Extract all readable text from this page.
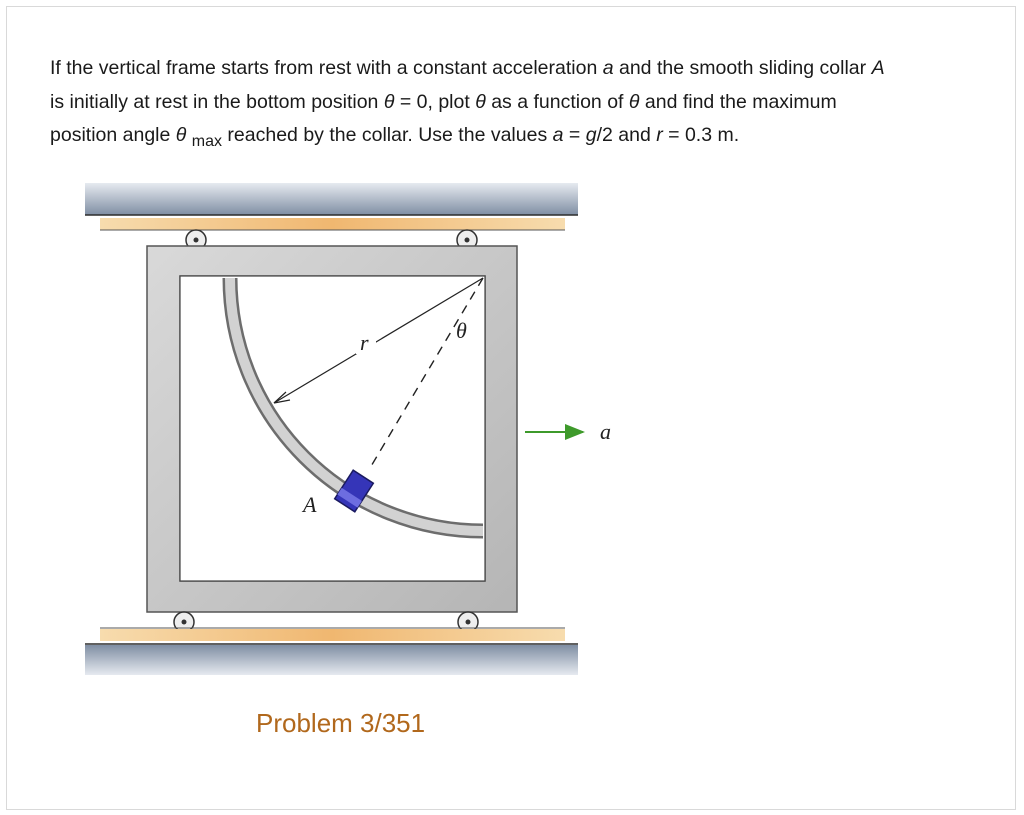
If the vertical frame starts from rest with a constant acceleration a and the smooth sliding collar A

is initially at rest in the bottom position θ = 0, plot θ as a function of θ and find the maximum

position angle θ $_{max}$ reached by the collar. Use the values a = g/2 and r = 0.3 m.

r	θ
A
a
Problem 3/351
